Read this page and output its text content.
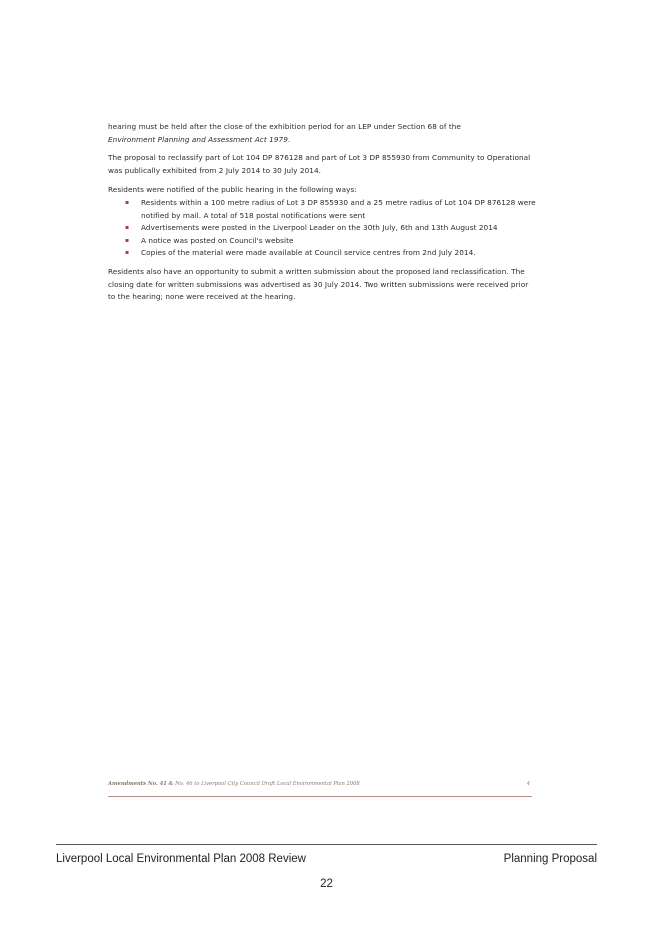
hearing must be held after the close of the exhibition period for an LEP under Section 68 of the
Environment Planning and Assessment Act 1979.

The proposal to reclassify part of Lot 104 DP 876128 and part of Lot 3 DP 855930 from Community to Operational was publically exhibited from 2 July 2014 to 30 July 2014.

Residents were notified of the public hearing in the following ways:

▪ Residents within a 100 metre radius of Lot 3 DP 855930 and a 25 metre radius of Lot 104 DP 876128 were notified by mail. A total of 518 postal notifications were sent
▪ Advertisements were posted in the Liverpool Leader on the 30th July, 6th and 13th August 2014
▪ A notice was posted on Council's website
▪ Copies of the material were made available at Council service centres from 2nd July 2014.

Residents also have an opportunity to submit a written submission about the proposed land reclassification. The closing date for written submissions was advertised as 30 July 2014. Two written submissions were received prior to the hearing; none were received at the hearing.

Amendments No. 41 & No. 46 to Liverpool City Council Draft Local Environmental Plan 2008	4
Liverpool Local Environmental Plan 2008 Review	Planning Proposal
22
